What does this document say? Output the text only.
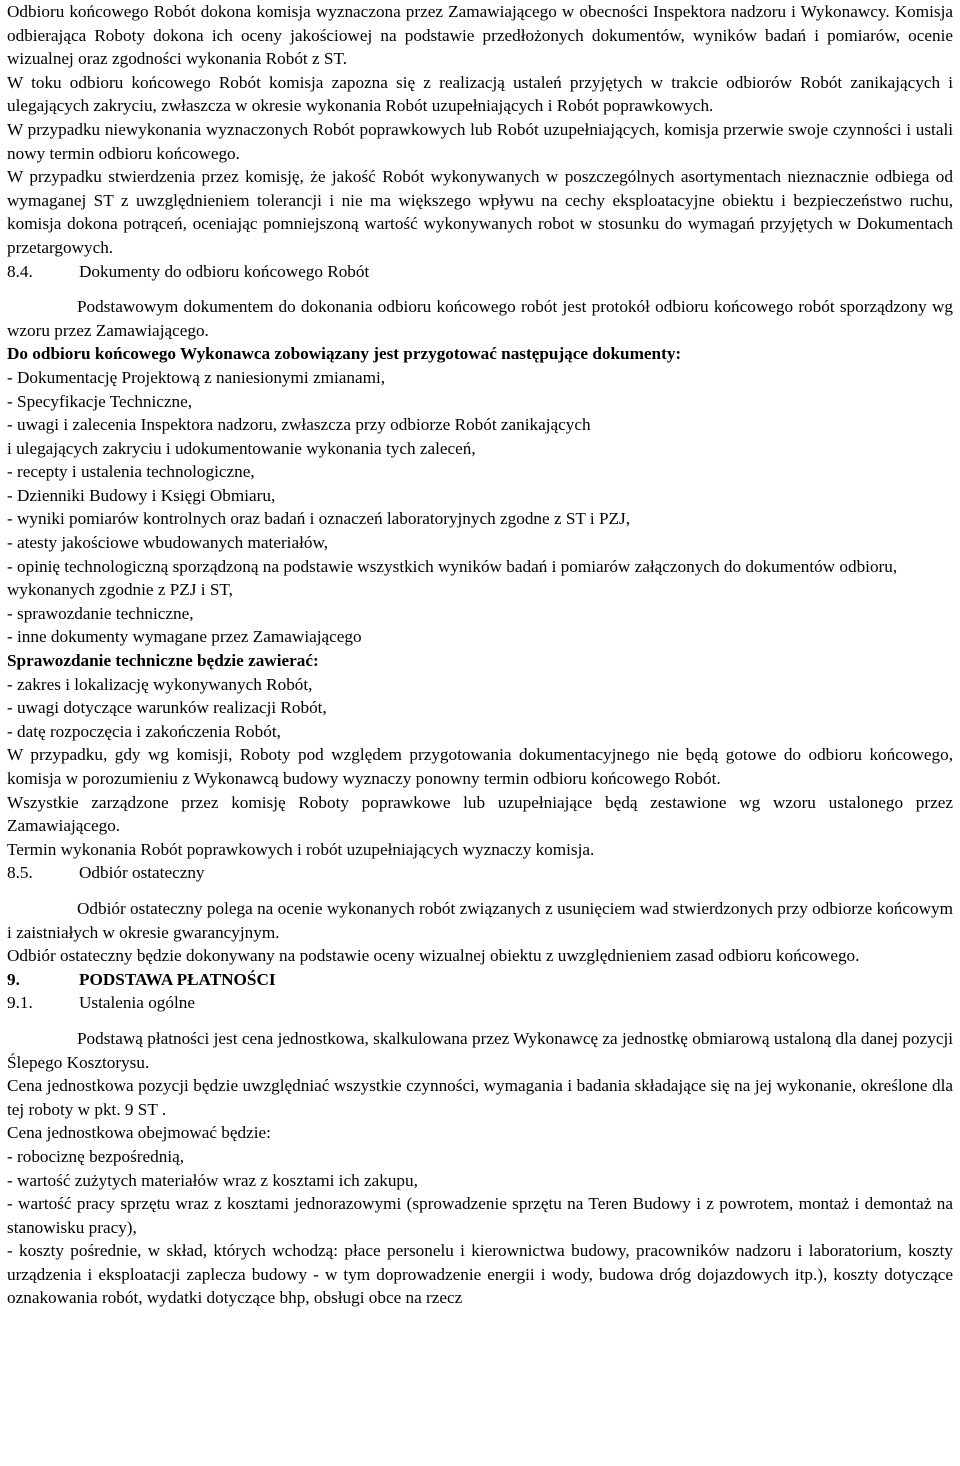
Odbioru końcowego Robót dokona komisja wyznaczona przez Zamawiającego w obecności Inspektora nadzoru i Wykonawcy. Komisja odbierająca Roboty dokona ich oceny jakościowej na podstawie przedłożonych dokumentów, wyników badań i pomiarów, ocenie wizualnej oraz zgodności wykonania Robót z ST.

W toku odbioru końcowego Robót komisja zapozna się z realizacją ustaleń przyjętych w trakcie odbiorów Robót zanikających i ulegających zakryciu, zwłaszcza w okresie wykonania Robót uzupełniających i Robót poprawkowych.

W przypadku niewykonania wyznaczonych Robót poprawkowych lub Robót uzupełniających, komisja przerwie swoje czynności i ustali nowy termin odbioru końcowego.

W przypadku stwierdzenia przez komisję, że jakość Robót wykonywanych w poszczególnych asortymentach nieznacznie odbiega od wymaganej ST z uwzględnieniem tolerancji i nie ma większego wpływu na cechy eksploatacyjne obiektu i bezpieczeństwo ruchu, komisja dokona potrąceń, oceniając pomniejszoną wartość wykonywanych robot w stosunku do wymagań przyjętych w Dokumentach przetargowych.

8.4.	Dokumenty do odbioru końcowego Robót

Podstawowym dokumentem do dokonania odbioru końcowego robót jest protokół odbioru końcowego robót sporządzony wg wzoru przez Zamawiającego.

Do odbioru końcowego Wykonawca zobowiązany jest przygotować następujące dokumenty:

- Dokumentację Projektową z naniesionymi zmianami,

- Specyfikacje Techniczne,

- uwagi i zalecenia Inspektora nadzoru, zwłaszcza przy odbiorze Robót zanikających

i ulegających zakryciu i udokumentowanie wykonania tych zaleceń,

- recepty i ustalenia technologiczne,

- Dzienniki Budowy i Księgi Obmiaru,

- wyniki pomiarów kontrolnych oraz badań i oznaczeń laboratoryjnych zgodne z ST i PZJ,

- atesty jakościowe wbudowanych materiałów,

- opinię technologiczną sporządzoną na podstawie wszystkich wyników badań i pomiarów załączonych do dokumentów odbioru, wykonanych zgodnie z PZJ i ST,

- sprawozdanie techniczne,

- inne dokumenty wymagane przez Zamawiającego

Sprawozdanie techniczne będzie zawierać:

- zakres i lokalizację wykonywanych Robót,

- uwagi dotyczące warunków realizacji Robót,

- datę rozpoczęcia i zakończenia Robót,

W przypadku, gdy wg komisji, Roboty pod względem przygotowania dokumentacyjnego nie będą gotowe do odbioru końcowego, komisja w porozumieniu z Wykonawcą budowy wyznaczy ponowny termin odbioru końcowego Robót.

Wszystkie zarządzone przez komisję Roboty poprawkowe lub uzupełniające będą zestawione wg wzoru ustalonego przez Zamawiającego.

Termin wykonania Robót poprawkowych i robót uzupełniających wyznaczy komisja.

8.5.	Odbiór ostateczny

Odbiór ostateczny polega na ocenie wykonanych robót związanych z usunięciem wad stwierdzonych przy odbiorze końcowym i zaistniałych w okresie gwarancyjnym.

Odbiór ostateczny będzie dokonywany na podstawie oceny wizualnej obiektu z uwzględnieniem zasad odbioru końcowego.

9.	PODSTAWA PŁATNOŚCI
9.1.	Ustalenia ogólne

Podstawą płatności jest cena jednostkowa, skalkulowana przez Wykonawcę za jednostkę obmiarową ustaloną dla danej pozycji Ślepego Kosztorysu.

Cena jednostkowa pozycji będzie uwzględniać wszystkie czynności, wymagania i badania składające się na jej wykonanie, określone dla tej roboty w pkt. 9 ST .

Cena jednostkowa obejmować będzie:

- robociznę bezpośrednią,

- wartość zużytych materiałów wraz z kosztami ich zakupu,

- wartość pracy sprzętu wraz z kosztami jednorazowymi (sprowadzenie sprzętu na Teren Budowy i z powrotem, montaż i demontaż na stanowisku pracy),

- koszty pośrednie, w skład, których wchodzą: płace personelu i kierownictwa budowy, pracowników nadzoru i laboratorium, koszty urządzenia i eksploatacji zaplecza budowy - w tym doprowadzenie energii i wody, budowa dróg dojazdowych itp.), koszty dotyczące oznakowania robót, wydatki dotyczące bhp, obsługi obce na rzecz
